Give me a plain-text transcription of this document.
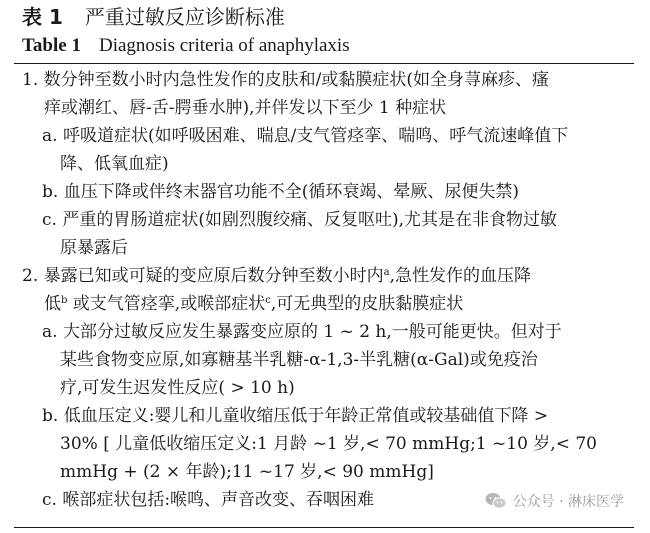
表 1 严重过敏反应诊断标准
Table 1 Diagnosis criteria of anaphylaxis
1. 数分钟至数小时内急性发作的皮肤和/或黏膜症状(如全身荨麻疹、瘙
痒或潮红、唇-舌-腭垂水肿),并伴发以下至少 1 种症状
a. 呼吸道症状(如呼吸困难、喘息/支气管痉挛、喘鸣、呼气流速峰值下
降、低氧血症)
b. 血压下降或伴终末器官功能不全(循环衰竭、晕厥、尿便失禁)
c. 严重的胃肠道症状(如剧烈腹绞痛、反复呕吐),尤其是在非食物过敏
原暴露后
2. 暴露已知或可疑的变应原后数分钟至数小时内$^a$,急性发作的血压降
低$^b$ 或支气管痉挛,或喉部症状$^c$,可无典型的皮肤黏膜症状
a. 大部分过敏反应发生暴露变应原的 1 ~ 2 h,一般可能更快。但对于
某些食物变应原,如寡糖基半乳糖-α-1,3-半乳糖(α-Gal)或免疫治
疗,可发生迟发性反应( > 10 h)
b. 低血压定义:婴儿和儿童收缩压低于年龄正常值或较基础值下降 >
30% [ 儿童低收缩压定义:1 月龄 ~1 岁,< 70 mmHg;1 ~10 岁,< 70
mmHg + (2 × 年龄);11 ~17 岁,< 90 mmHg]
c. 喉部症状包括:喉鸣、声音改变、吞咽困难	公众号 · 淋床医学
